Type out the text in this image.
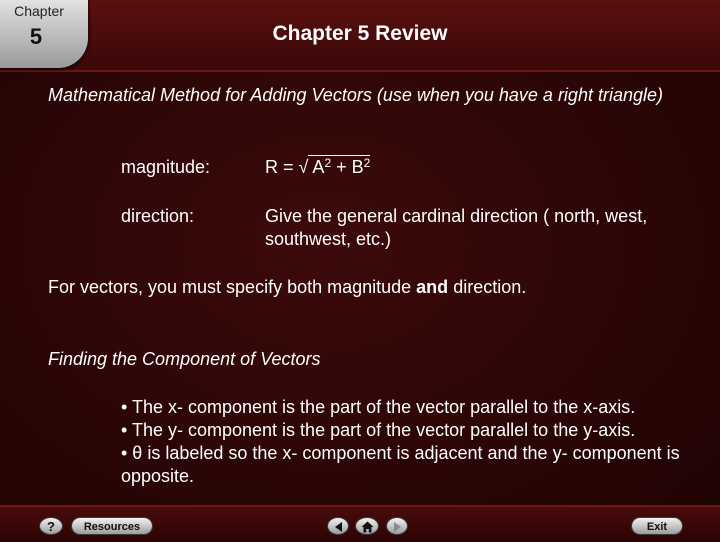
Chapter
5	Chapter 5 Review
Mathematical Method for Adding Vectors (use when you have a right triangle)
magnitude:	R = √ $A^2 + B^2$
direction:	Give the general cardinal direction ( north, west, southwest, etc.)
For vectors, you must specify both magnitude and direction.
Finding the Component of Vectors
• The x- component is the part of the vector parallel to the x-axis.
• The y- component is the part of the vector parallel to the y-axis.
• θ is labeled so the x- component is adjacent and the y- component is opposite.
?	Resources	Exit
